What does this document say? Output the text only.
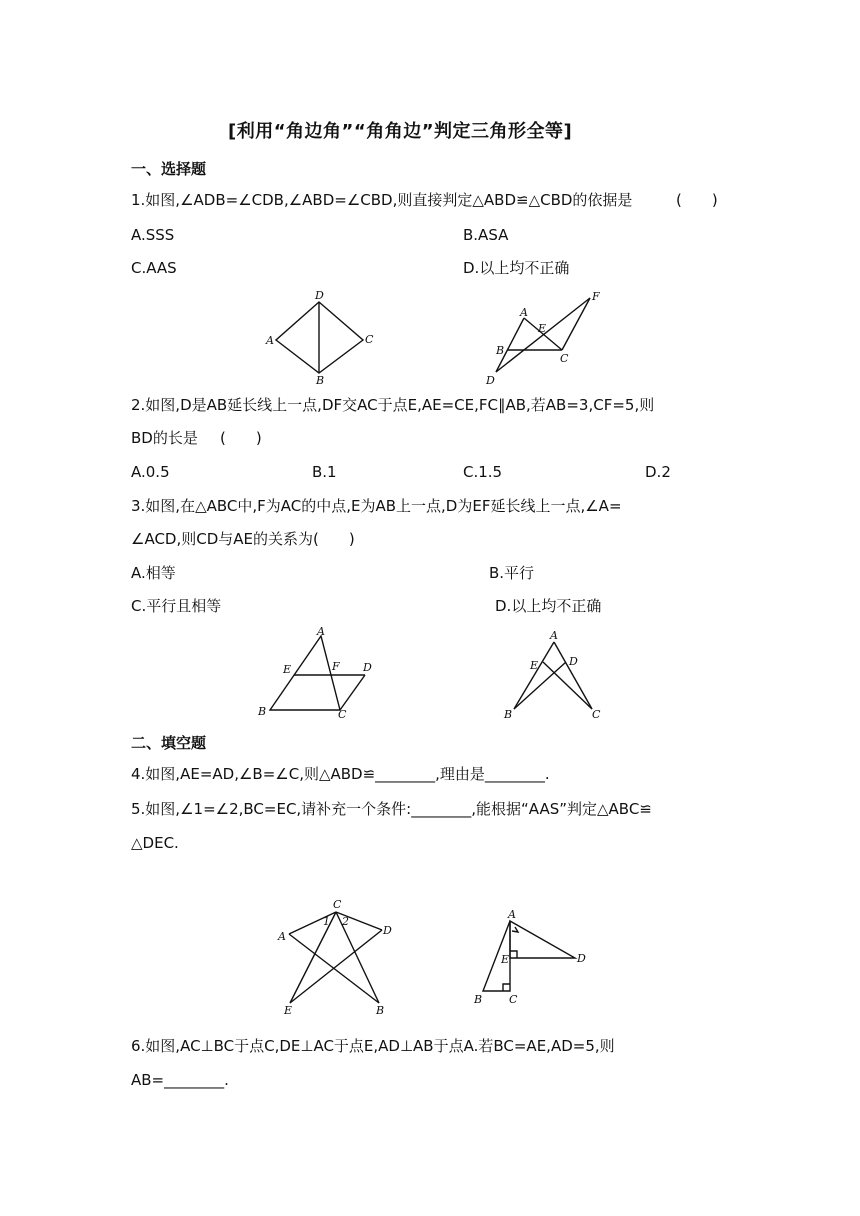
[利用“角边角”“角角边”判定三角形全等]
一、选择题
1.如图,∠ADB=∠CDB,∠ABD=∠CBD,则直接判定△ABD≌△CBD的依据是	(　　)
A.SSS	B.ASA
C.AAS	D.以上均不正确
A
B
C
D
A
B
C
D
E
F
2.如图,D是AB延长线上一点,DF交AC于点E,AE=CE,FC∥AB,若AB=3,CF=5,则
BD的长是 (　　)
A.0.5	B.1	C.1.5	D.2
3.如图,在△ABC中,F为AC的中点,E为AB上一点,D为EF延长线上一点,∠A=
∠ACD,则CD与AE的关系为(　　)
A.相等	B.平行
C.平行且相等	D.以上均不正确
A
B	C
D
E	F
A
B	C
D
E
二、填空题
4.如图,AE=AD,∠B=∠C,则△ABD≌________,理由是________.
5.如图,∠1=∠2,BC=EC,请补充一个条件:________,能根据“AAS”判定△ABC≌
△DEC.
C
A	D
E	B
1 2
A
B C
D
E
6.如图,AC⊥BC于点C,DE⊥AC于点E,AD⊥AB于点A.若BC=AE,AD=5,则
AB=________.
